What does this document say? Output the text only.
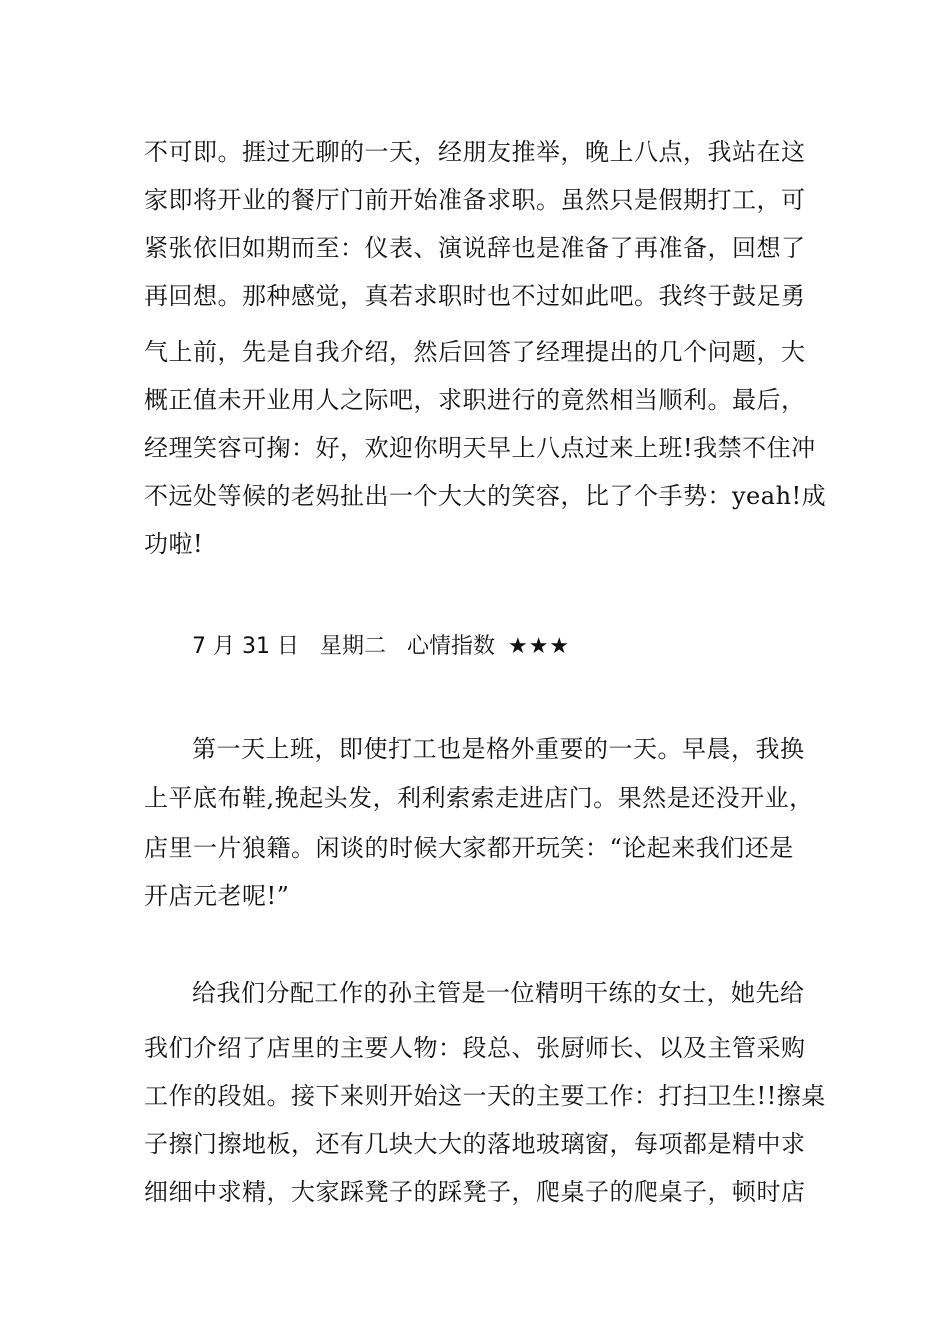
不可即。捱过无聊的一天，经朋友推举，晚上八点，我站在这
家即将开业的餐厅门前开始准备求职。虽然只是假期打工，可
紧张依旧如期而至：仪表、演说辞也是准备了再准备，回想了
再回想。那种感觉，真若求职时也不过如此吧。我终于鼓足勇
气上前，先是自我介绍，然后回答了经理提出的几个问题，大
概正值未开业用人之际吧，求职进行的竟然相当顺利。最后，
经理笑容可掬：好，欢迎你明天早上八点过来上班!我禁不住冲
不远处等候的老妈扯出一个大大的笑容，比了个手势：yeah!成
功啦!
7 月 31 日 星期二 心情指数 ★★★
第一天上班，即使打工也是格外重要的一天。早晨，我换
上平底布鞋,挽起头发，利利索索走进店门。果然是还没开业，
店里一片狼籍。闲谈的时候大家都开玩笑：“论起来我们还是
开店元老呢!”
给我们分配工作的孙主管是一位精明干练的女士，她先给
我们介绍了店里的主要人物：段总、张厨师长、以及主管采购
工作的段姐。接下来则开始这一天的主要工作：打扫卫生!!擦桌
子擦门擦地板，还有几块大大的落地玻璃窗，每项都是精中求
细细中求精，大家踩凳子的踩凳子，爬桌子的爬桌子，顿时店
